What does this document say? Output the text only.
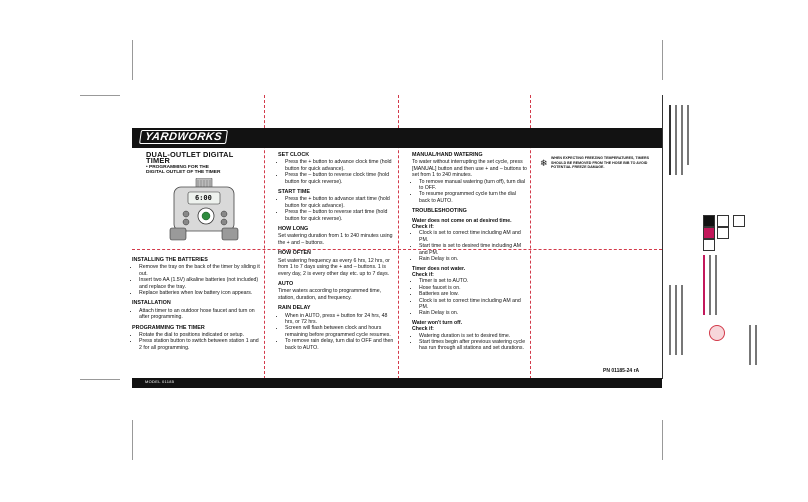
YARDWORKS
MODEL 01185
PN 01185-24 rA

DUAL-OUTLET DIGITAL TIMER

• PROGRAMMING FOR THE
DIGITAL OUTLET OF THE TIMER

6:00
INSTALLING THE BATTERIES
• Remove the tray on the back of the timer by sliding it out.
• Insert two AA (1.5V) alkaline batteries (not included) and replace the tray.
• Replace batteries when low battery icon appears.
INSTALLATION
• Attach timer to an outdoor hose faucet and turn on after programming.
PROGRAMMING THE TIMER
• Rotate the dial to positions indicated or setup.
• Press station button to switch between station 1 and 2 for all programming.
SET CLOCK
• Press the + button to advance clock time (hold button for quick advance).
• Press the – button to reverse clock time (hold button for quick reverse).
START TIME
• Press the + button to advance start time (hold button for quick advance).
• Press the – button to reverse start time (hold button for quick reverse).
HOW LONG

Set watering duration from 1 to 240 minutes using the + and – buttons.

HOW OFTEN

Set watering frequency as every 6 hrs, 12 hrs, or from 1 to 7 days using the + and – buttons. 1 is every day, 2 is every other day etc. up to 7 days.

AUTO

Timer waters according to programmed time, station, duration, and frequency.

RAIN DELAY
• When in AUTO, press + button for 24 hrs, 48 hrs, or 72 hrs.
• Screen will flash between clock and hours remaining before programmed cycle resumes.
• To remove rain delay, turn dial to OFF and then back to AUTO.
MANUAL/HAND WATERING

To water without interrupting the set cycle, press [MANUAL] button and then use + and – buttons to set from 1 to 240 minutes.

• To remove manual watering (turn off), turn dial to OFF.
• To resume programmed cycle turn the dial back to AUTO.
TROUBLESHOOTING
Water does not come on at desired time.
Check if:
• Clock is set to correct time including AM and PM.
• Start time is set to desired time including AM and PM.
• Rain Delay is on.
Timer does not water.
Check if:
• Timer is set to AUTO.
• Hose faucet is on.
• Batteries are low.
• Clock is set to correct time including AM and PM.
• Rain Delay is on.
Water won't turn off.
Check if:
• Watering duration is set to desired time.
• Start times begin after previous watering cycle has run through all stations and set durations.
❄ WHEN EXPECTING FREEZING TEMPERATURES, TIMERS SHOULD BE REMOVED FROM THE HOSE BIB TO AVOID POTENTIAL FREEZE DAMAGE.
